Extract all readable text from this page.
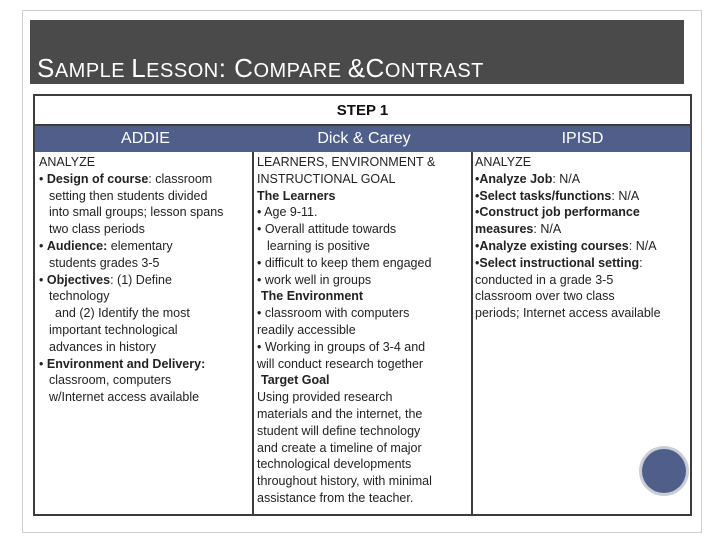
SAMPLE LESSON: COMPARE &CONTRAST
STEP 1
ADDIE	Dick & Carey	IPISD
ANALYZE
• Design of course: classroom
setting then students divided
into small groups; lesson spans
two class periods
• Audience: elementary
students grades 3-5
• Objectives: (1) Define
technology
and (2) Identify the most
important technological
advances in history
• Environment and Delivery:
classroom, computers
w/Internet access available
LEARNERS, ENVIRONMENT &
INSTRUCTIONAL GOAL
The Learners
• Age 9-11.
• Overall attitude towards
learning is positive
• difficult to keep them engaged
• work well in groups
The Environment
• classroom with computers
readily accessible
• Working in groups of 3-4 and
will conduct research together
Target Goal
Using provided research
materials and the internet, the
student will define technology
and create a timeline of major
technological developments
throughout history, with minimal
assistance from the teacher.
ANALYZE
•Analyze Job: N/A
•Select tasks/functions: N/A
•Construct job performance
measures: N/A
•Analyze existing courses: N/A
•Select instructional setting:
conducted in a grade 3-5
classroom over two class
periods; Internet access available
